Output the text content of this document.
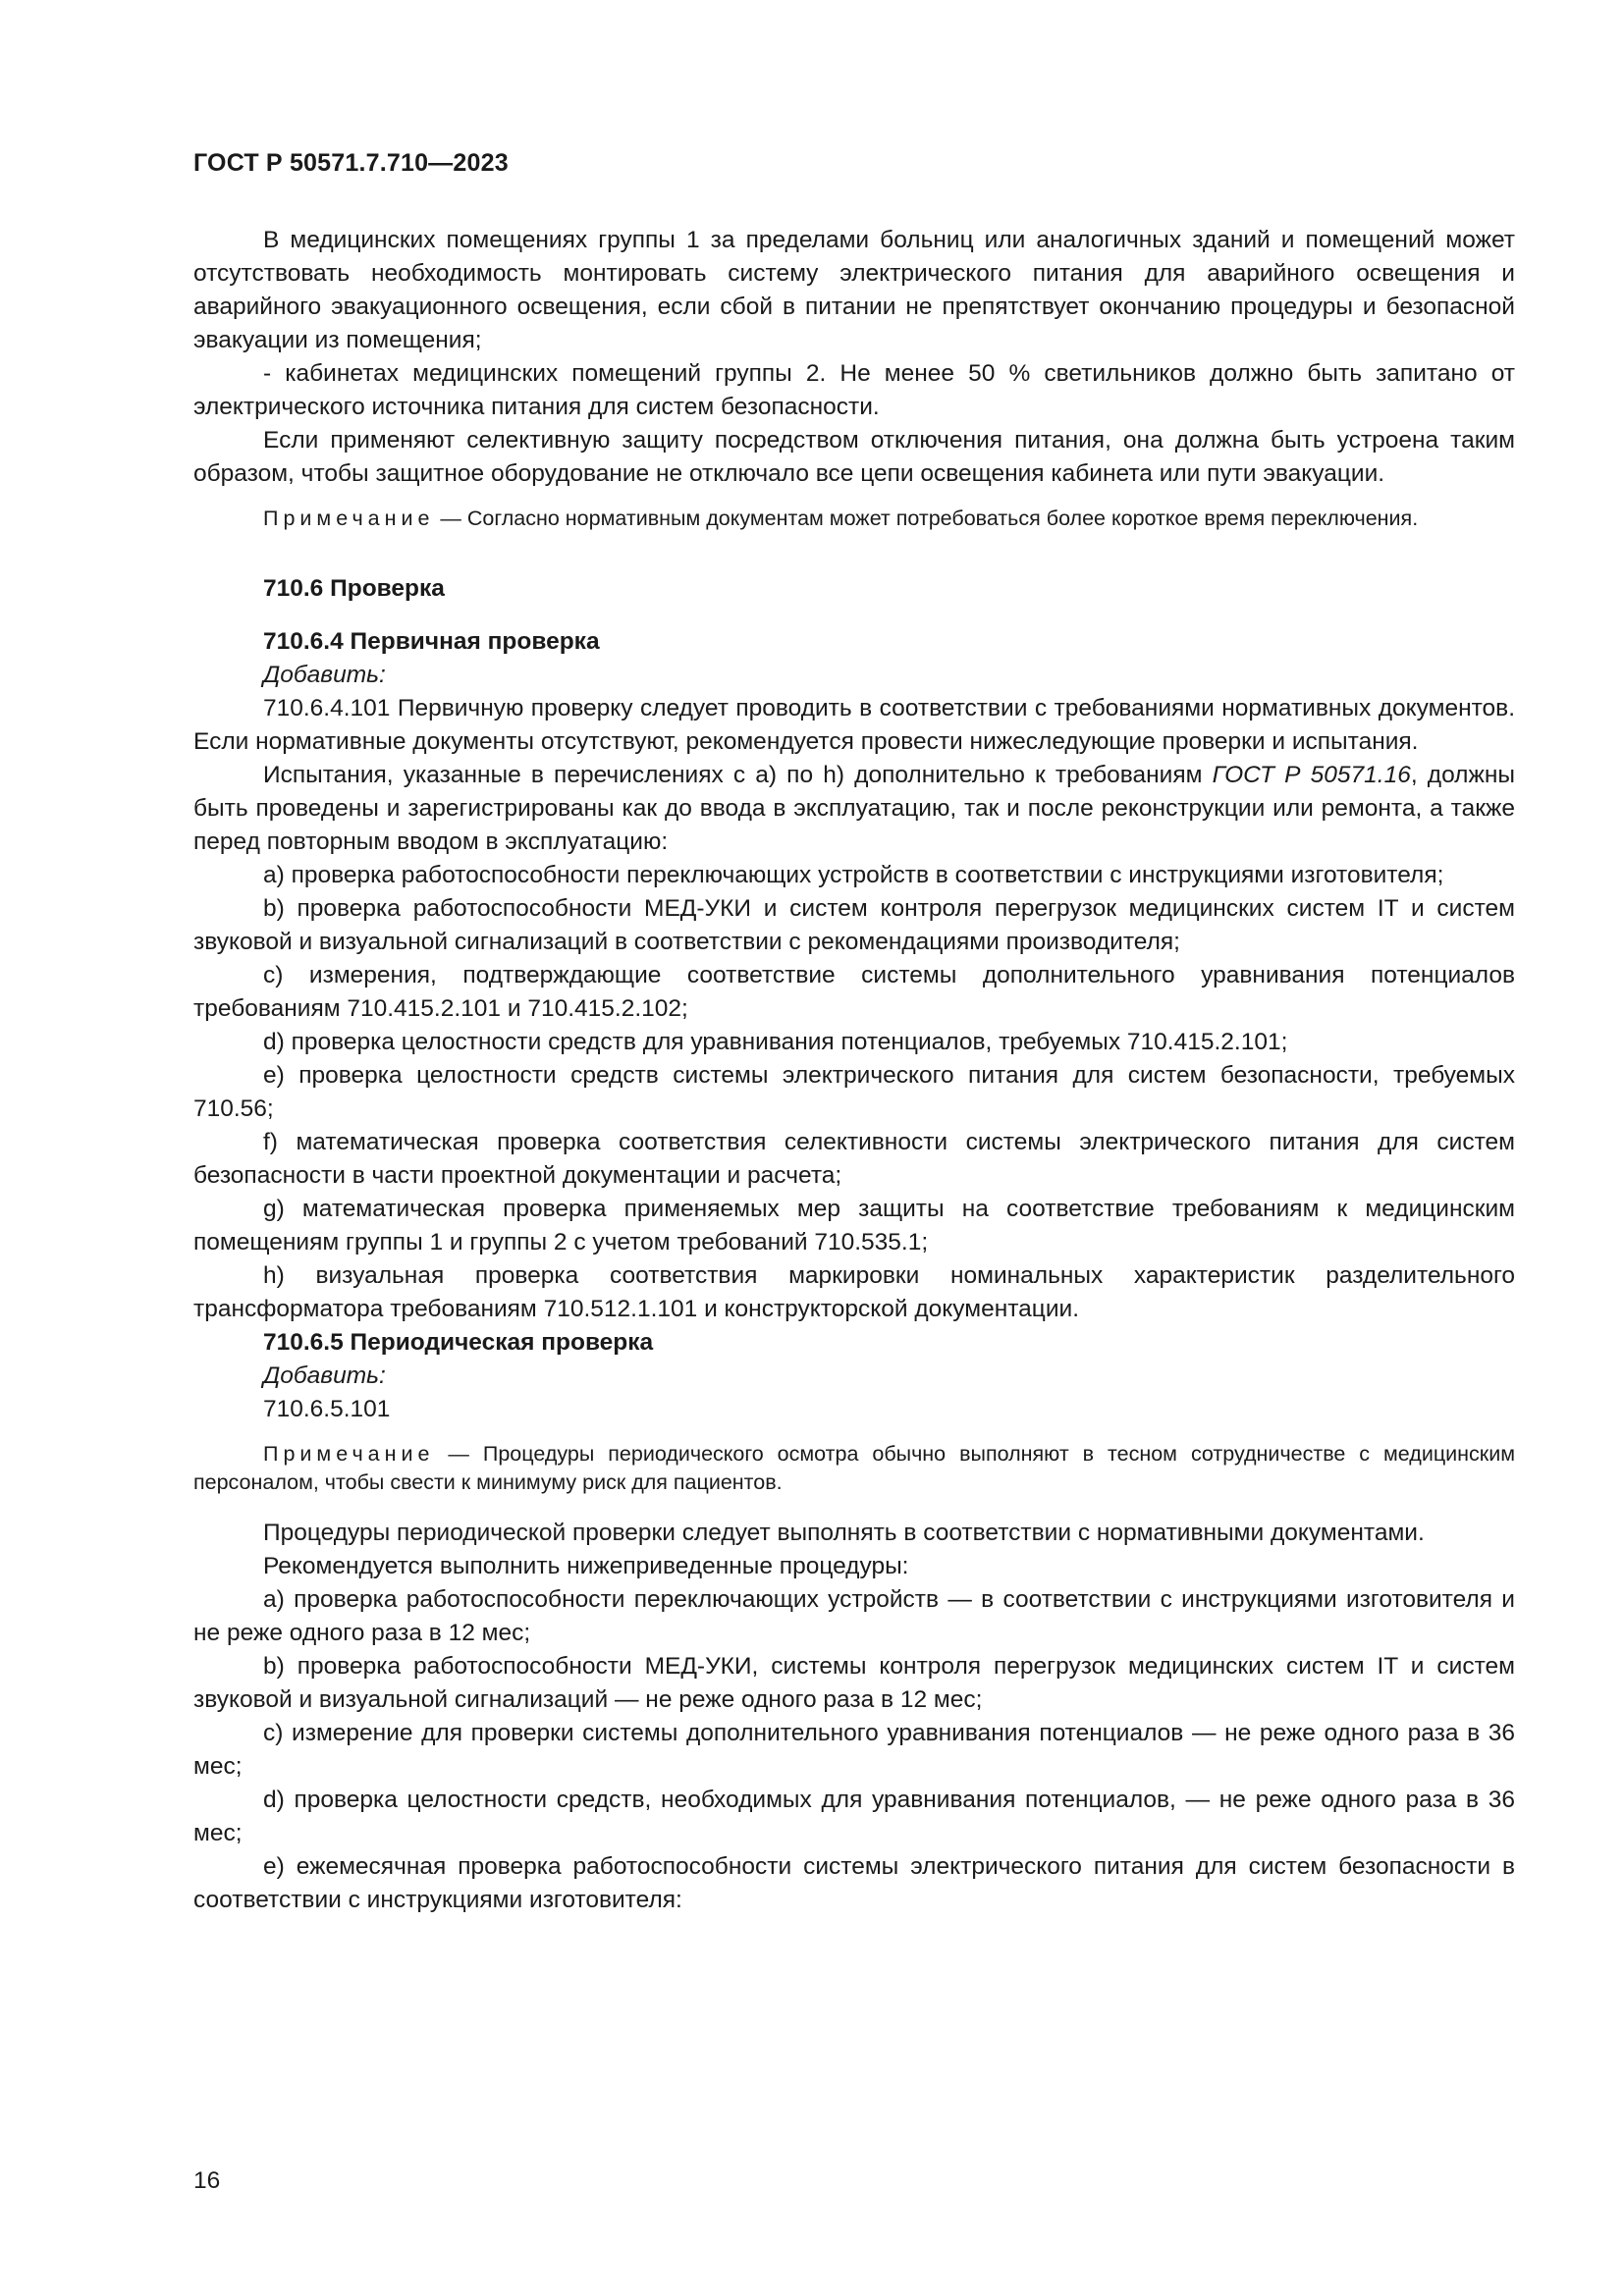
ГОСТ Р 50571.7.710—2023

В медицинских помещениях группы 1 за пределами больниц или аналогичных зданий и помещений может отсутствовать необходимость монтировать систему электрического питания для аварийного освещения и аварийного эвакуационного освещения, если сбой в питании не препятствует окончанию процедуры и безопасной эвакуации из помещения;

- кабинетах медицинских помещений группы 2. Не менее 50 % светильников должно быть запитано от электрического источника питания для систем безопасности.

Если применяют селективную защиту посредством отключения питания, она должна быть устроена таким образом, чтобы защитное оборудование не отключало все цепи освещения кабинета или пути эвакуации.

Примечание — Согласно нормативным документам может потребоваться более короткое время переключения.

710.6 Проверка

710.6.4 Первичная проверка

Добавить:

710.6.4.101 Первичную проверку следует проводить в соответствии с требованиями нормативных документов. Если нормативные документы отсутствуют, рекомендуется провести нижеследующие проверки и испытания.

Испытания, указанные в перечислениях с а) по h) дополнительно к требованиям ГОСТ Р 50571.16, должны быть проведены и зарегистрированы как до ввода в эксплуатацию, так и после реконструкции или ремонта, а также перед повторным вводом в эксплуатацию:

а) проверка работоспособности переключающих устройств в соответствии с инструкциями изготовителя;

b) проверка работоспособности МЕД-УКИ и систем контроля перегрузок медицинских систем IT и систем звуковой и визуальной сигнализаций в соответствии с рекомендациями производителя;

c) измерения, подтверждающие соответствие системы дополнительного уравнивания потенциалов требованиям 710.415.2.101 и 710.415.2.102;

d) проверка целостности средств для уравнивания потенциалов, требуемых 710.415.2.101;

e) проверка целостности средств системы электрического питания для систем безопасности, требуемых 710.56;

f) математическая проверка соответствия селективности системы электрического питания для систем безопасности в части проектной документации и расчета;

g) математическая проверка применяемых мер защиты на соответствие требованиям к медицинским помещениям группы 1 и группы 2 с учетом требований 710.535.1;

h) визуальная проверка соответствия маркировки номинальных характеристик разделительного трансформатора требованиям 710.512.1.101 и конструкторской документации.

710.6.5 Периодическая проверка

Добавить:

710.6.5.101

Примечание — Процедуры периодического осмотра обычно выполняют в тесном сотрудничестве с медицинским персоналом, чтобы свести к минимуму риск для пациентов.

Процедуры периодической проверки следует выполнять в соответствии с нормативными документами.

Рекомендуется выполнить нижеприведенные процедуры:

а) проверка работоспособности переключающих устройств — в соответствии с инструкциями изготовителя и не реже одного раза в 12 мес;

b) проверка работоспособности МЕД-УКИ, системы контроля перегрузок медицинских систем IT и систем звуковой и визуальной сигнализаций — не реже одного раза в 12 мес;

c) измерение для проверки системы дополнительного уравнивания потенциалов — не реже одного раза в 36 мес;

d) проверка целостности средств, необходимых для уравнивания потенциалов, — не реже одного раза в 36 мес;

e) ежемесячная проверка работоспособности системы электрического питания для систем безопасности в соответствии с инструкциями изготовителя:

16
